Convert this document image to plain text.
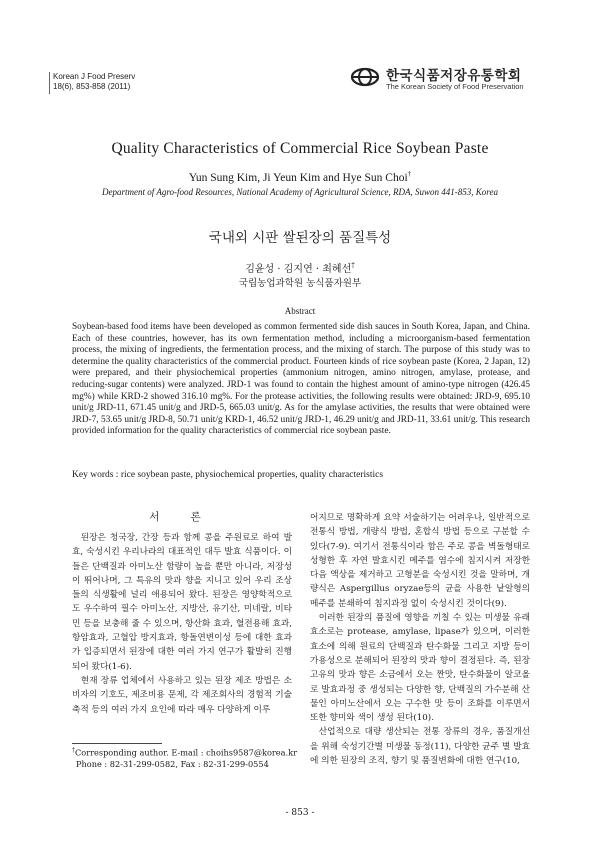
Korean J Food Preserv
18(6), 853-858 (2011)
한국식품저장유통학회
The Korean Society of Food Preservation
Quality Characteristics of Commercial Rice Soybean Paste
Yun Sung Kim, Ji Yeun Kim and Hye Sun Choi†
Department of Agro-food Resources, National Academy of Agricultural Science, RDA, Suwon 441-853, Korea
국내외 시판 쌀된장의 품질특성
김윤성 · 김지연 · 최혜선†
국립농업과학원 농식품자원부
Abstract
Soybean-based food items have been developed as common fermented side dish sauces in South Korea, Japan, and China. Each of these countries, however, has its own fermentation method, including a microorganism-based fermentation process, the mixing of ingredients, the fermentation process, and the mixing of starch. The purpose of this study was to determine the quality characteristics of the commercial product. Fourteen kinds of rice soybean paste (Korea, 2 Japan, 12) were prepared, and their physiochemical properties (ammonium nitrogen, amino nitrogen, amylase, protease, and reducing-sugar contents) were analyzed. JRD-1 was found to contain the highest amount of amino-type nitrogen (426.45 mg%) while KRD-2 showed 316.10 mg%. For the protease activities, the following results were obtained: JRD-9, 695.10 unit/g JRD-11, 671.45 unit/g and JRD-5, 665.03 unit/g. As for the amylase activities, the results that were obtained were JRD-7, 53.65 unit/g JRD-8, 50.71 unit/g KRD-1, 46.52 unit/g JRD-1, 46.29 unit/g and JRD-11, 33.61 unit/g. This research provided information for the quality characteristics of commercial rice soybean paste.
Key words : rice soybean paste, physiochemical properties, quality characteristics
서 론

된장은 청국장, 간장 등과 함께 콩을 주원료로 하여 발효, 숙성시킨 우리나라의 대표적인 대두 발효 식품이다. 이들은 단백질과 아미노산 함량이 높을 뿐만 아니라, 저장성이 뛰어나며, 그 특유의 맛과 향을 지니고 있어 우리 조상들의 식생활에 널리 애용되어 왔다. 된장은 영양학적으로도 우수하여 필수 아미노산, 지방산, 유기산, 미네랄, 비타민 등을 보충해 줄 수 있으며, 항산화 효과, 혈전용해 효과, 항암효과, 고혈압 방지효과, 항돌연변이성 등에 대한 효과가 입증되면서 된장에 대한 여러 가지 연구가 활발히 진행되어 왔다(1-6).

현재 장류 업체에서 사용하고 있는 된장 제조 방법은 소비자의 기호도, 제조비용 문제, 각 제조회사의 경험적 기술 축적 등의 여러 가지 요인에 따라 매우 다양하게 이루

어지므로 명확하게 요약 서술하기는 어려우나, 일반적으로 전통식 방법, 개량식 방법, 혼합식 방법 등으로 구분할 수 있다(7-9). 여기서 전통식이라 함은 주로 콩을 벽돌형태로 성형한 후 자연 발효시킨 메주를 염수에 침지시켜 저장한 다음 액상을 제거하고 고형분을 숙성시킨 것을 말하며, 개량식은 Aspergillus oryzae등의 균을 사용한 낱알형의 메주를 분쇄하여 침지과정 없이 숙성시킨 것이다(9).

이러한 된장의 품질에 영향을 끼칠 수 있는 미생물 유래 효소로는 protease, amylase, lipase가 있으며, 이러한 효소에 의해 원료의 단백질과 탄수화물 그리고 지방 등이 가용성으로 분해되어 된장의 맛과 향이 결정된다. 즉, 된장 고유의 맛과 향은 소금에서 오는 짠맛, 탄수화물이 알코올로 발효과정 중 생성되는 다양한 향, 단백질의 가수분해 산물인 아미노산에서 오는 구수한 맛 등이 조화를 이루면서 또한 향미와 색이 생성 된다(10).

산업적으로 대량 생산되는 전통 장류의 경우, 품질개선을 위해 숙성기간별 미생물 동정(11), 다양한 균주 별 발효에 의한 된장의 조직, 향기 및 품질변화에 대한 연구(10,

†Corresponding author. E-mail : choihs9587@korea.kr
Phone : 82-31-299-0582, Fax : 82-31-299-0554
- 853 -
